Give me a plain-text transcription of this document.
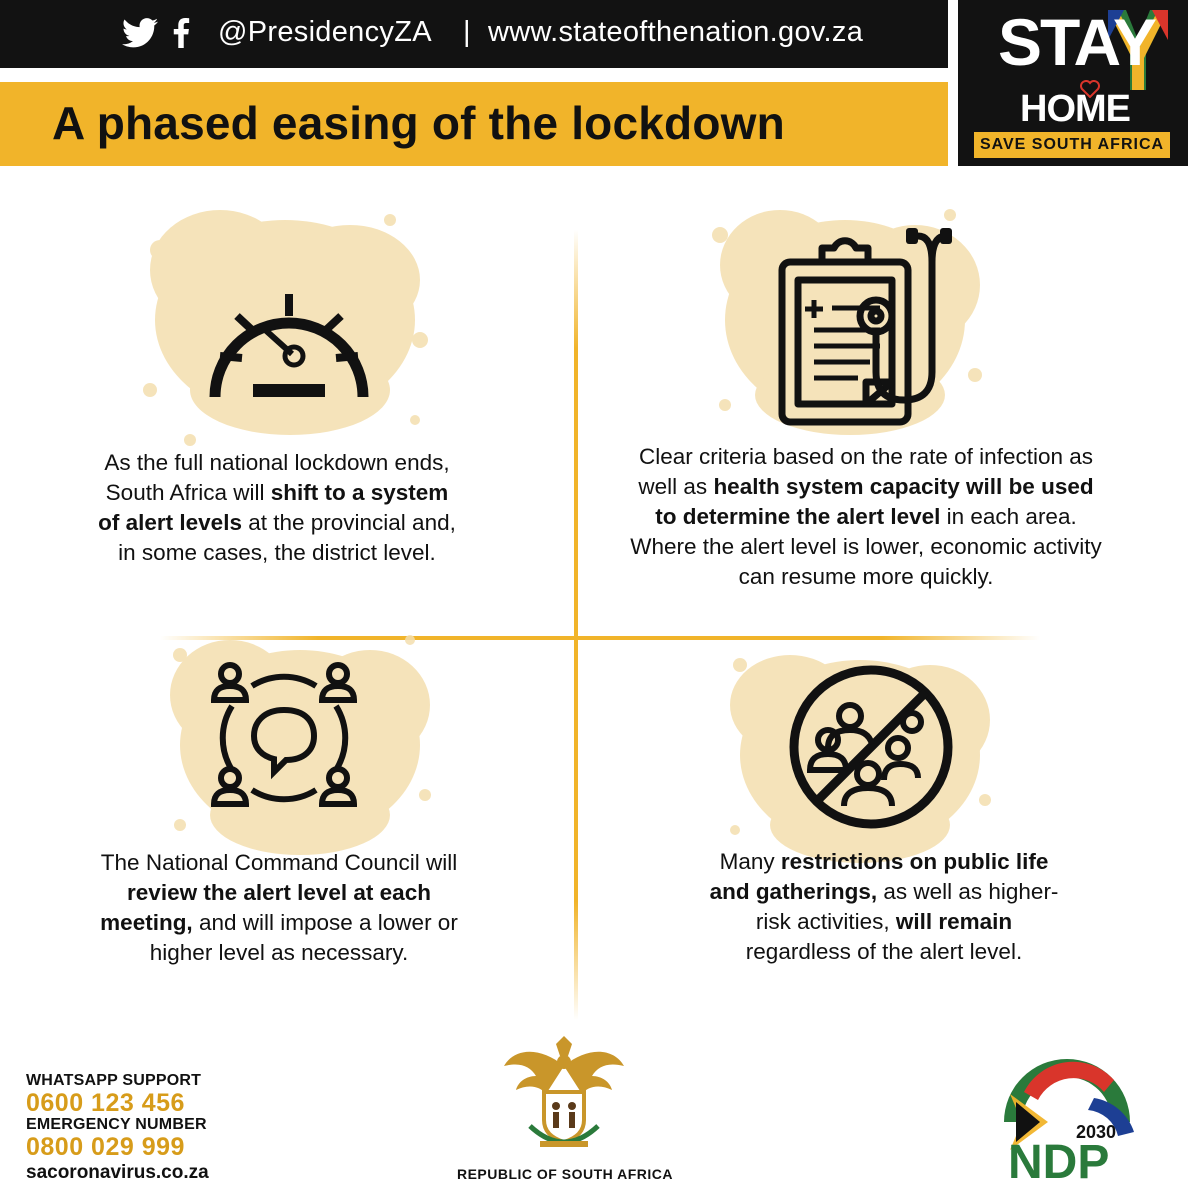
@PresidencyZA | www.stateofthenation.gov.za
A phased easing of the lockdown
STAY
HOME
SAVE SOUTH AFRICA

As the full national lockdown ends, South Africa will shift to a system of alert levels at the provincial and, in some cases, the district level.

Clear criteria based on the rate of infection as well as health system capacity will be used to determine the alert level in each area. Where the alert level is lower, economic activity can resume more quickly.

The National Command Council will review the alert level at each meeting, and will impose a lower or higher level as necessary.

Many restrictions on public life and gatherings, as well as higher-risk activities, will remain regardless of the alert level.

WHATSAPP SUPPORT
0600 123 456
EMERGENCY NUMBER
0800 029 999
sacoronavirus.co.za	REPUBLIC OF SOUTH AFRICA
2030
NDP
